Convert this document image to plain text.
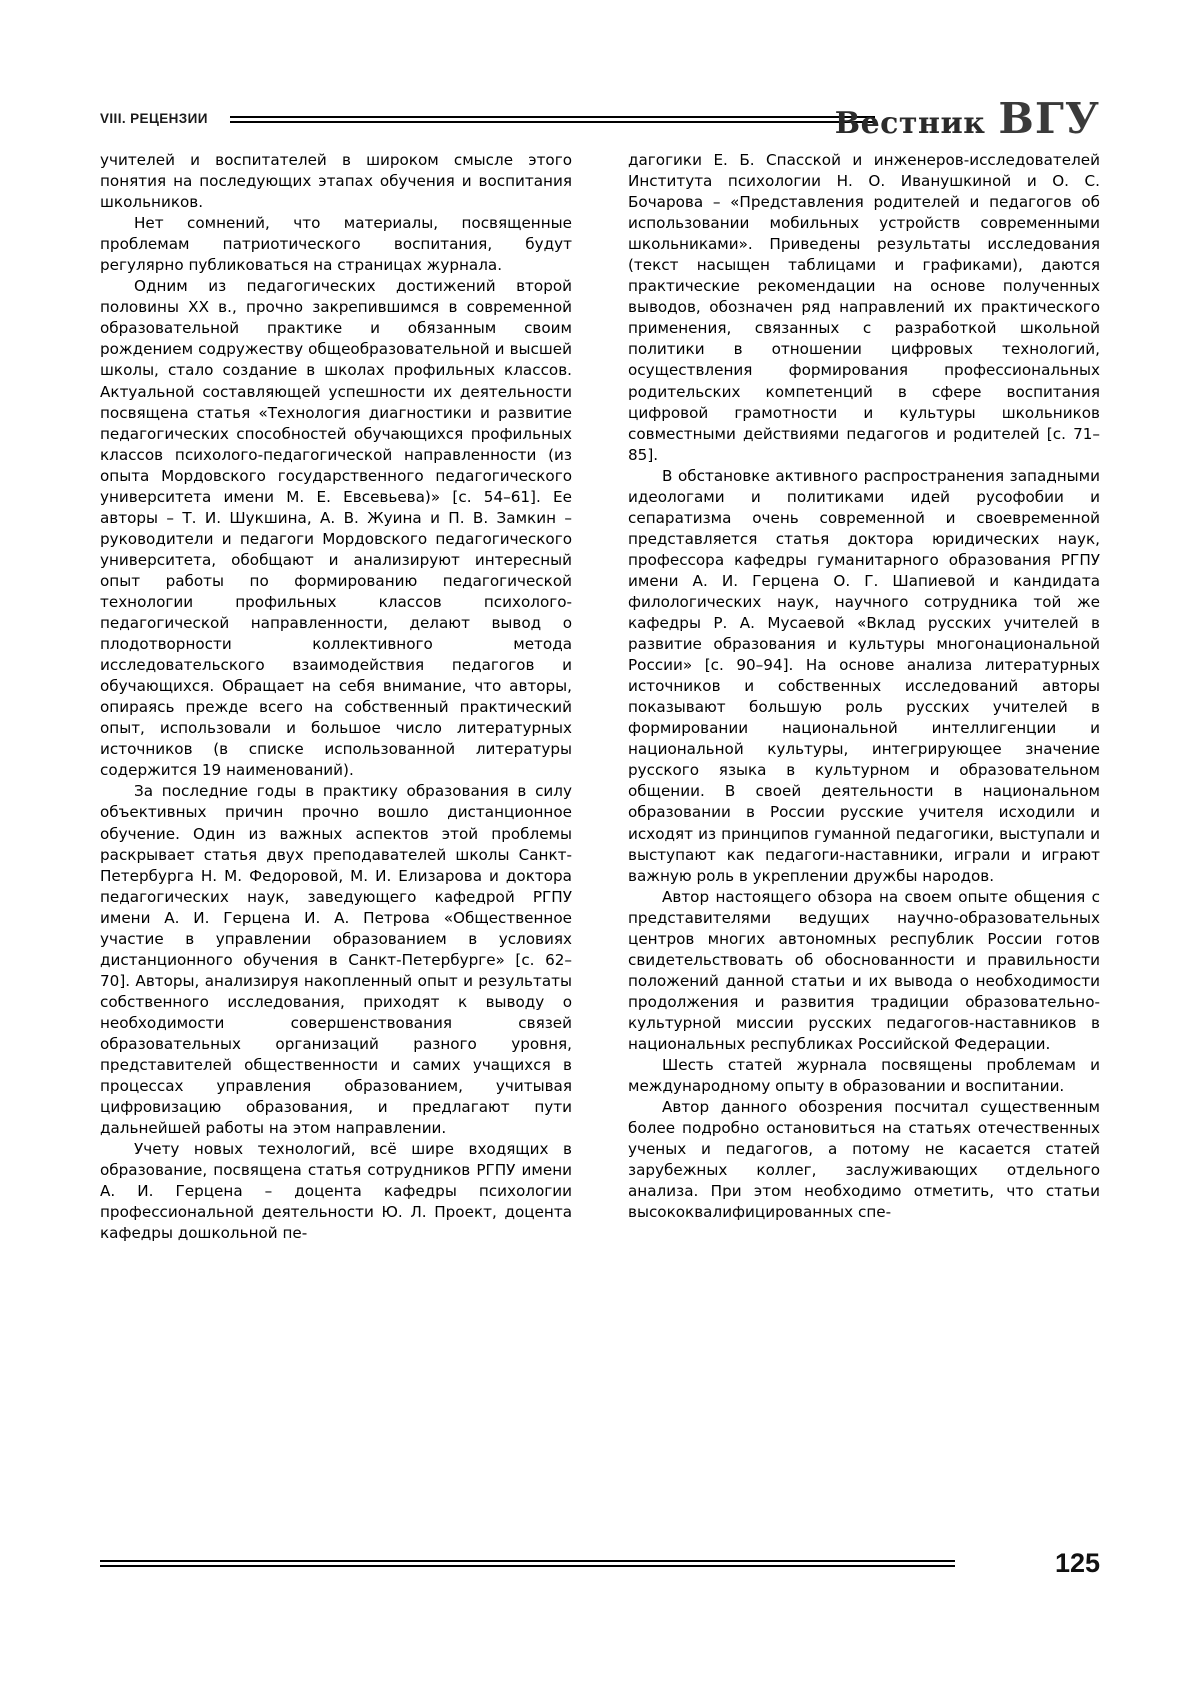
VIII. РЕЦЕНЗИИ	Вестник ВГУ

учителей и воспитателей в широком смысле этого понятия на последующих этапах обучения и воспитания школьников.

Нет сомнений, что материалы, посвященные проблемам патриотического воспитания, будут регулярно публиковаться на страницах журнала.

Одним из педагогических достижений второй половины XX в., прочно закрепившимся в современной образовательной практике и обязанным своим рождением содружеству общеобразовательной и высшей школы, стало создание в школах профильных классов. Актуальной составляющей успешности их деятельности посвящена статья «Технология диагностики и развитие педагогических способностей обучающихся профильных классов психолого-педагогической направленности (из опыта Мордовского государственного педагогического университета имени М. Е. Евсевьева)» [с. 54–61]. Ее авторы – Т. И. Шукшина, А. В. Жуина и П. В. Замкин – руководители и педагоги Мордовского педагогического университета, обобщают и анализируют интересный опыт работы по формированию педагогической технологии профильных классов психолого-педагогической направленности, делают вывод о плодотворности коллективного метода исследовательского взаимодействия педагогов и обучающихся. Обращает на себя внимание, что авторы, опираясь прежде всего на собственный практический опыт, использовали и большое число литературных источников (в списке использованной литературы содержится 19 наименований).

За последние годы в практику образования в силу объективных причин прочно вошло дистанционное обучение. Один из важных аспектов этой проблемы раскрывает статья двух преподавателей школы Санкт-Петербурга Н. М. Федоровой, М. И. Елизарова и доктора педагогических наук, заведующего кафедрой РГПУ имени А. И. Герцена И. А. Петрова «Общественное участие в управлении образованием в условиях дистанционного обучения в Санкт-Петербурге» [с. 62–70]. Авторы, анализируя накопленный опыт и результаты собственного исследования, приходят к выводу о необходимости совершенствования связей образовательных организаций разного уровня, представителей общественности и самих учащихся в процессах управления образованием, учитывая цифровизацию образования, и предлагают пути дальнейшей работы на этом направлении.

Учету новых технологий, всё шире входящих в образование, посвящена статья сотрудников РГПУ имени А. И. Герцена – доцента кафедры психологии профессиональной деятельности Ю. Л. Проект, доцента кафедры дошкольной пе-

дагогики Е. Б. Спасской и инженеров-исследователей Института психологии Н. О. Иванушкиной и О. С. Бочарова – «Представления родителей и педагогов об использовании мобильных устройств современными школьниками». Приведены результаты исследования (текст насыщен таблицами и графиками), даются практические рекомендации на основе полученных выводов, обозначен ряд направлений их практического применения, связанных с разработкой школьной политики в отношении цифровых технологий, осуществления формирования профессиональных родительских компетенций в сфере воспитания цифровой грамотности и культуры школьников совместными действиями педагогов и родителей [с. 71–85].

В обстановке активного распространения западными идеологами и политиками идей русофобии и сепаратизма очень современной и своевременной представляется статья доктора юридических наук, профессора кафедры гуманитарного образования РГПУ имени А. И. Герцена О. Г. Шапиевой и кандидата филологических наук, научного сотрудника той же кафедры Р. А. Мусаевой «Вклад русских учителей в развитие образования и культуры многонациональной России» [с. 90–94]. На основе анализа литературных источников и собственных исследований авторы показывают большую роль русских учителей в формировании национальной интеллигенции и национальной культуры, интегрирующее значение русского языка в культурном и образовательном общении. В своей деятельности в национальном образовании в России русские учителя исходили и исходят из принципов гуманной педагогики, выступали и выступают как педагоги-наставники, играли и играют важную роль в укреплении дружбы народов.

Автор настоящего обзора на своем опыте общения с представителями ведущих научно-образовательных центров многих автономных республик России готов свидетельствовать об обоснованности и правильности положений данной статьи и их вывода о необходимости продолжения и развития традиции образовательно-культурной миссии русских педагогов-наставников в национальных республиках Российской Федерации.

Шесть статей журнала посвящены проблемам и международному опыту в образовании и воспитании.

Автор данного обозрения посчитал существенным более подробно остановиться на статьях отечественных ученых и педагогов, а потому не касается статей зарубежных коллег, заслуживающих отдельного анализа. При этом необходимо отметить, что статьи высококвалифицированных спе-

125
